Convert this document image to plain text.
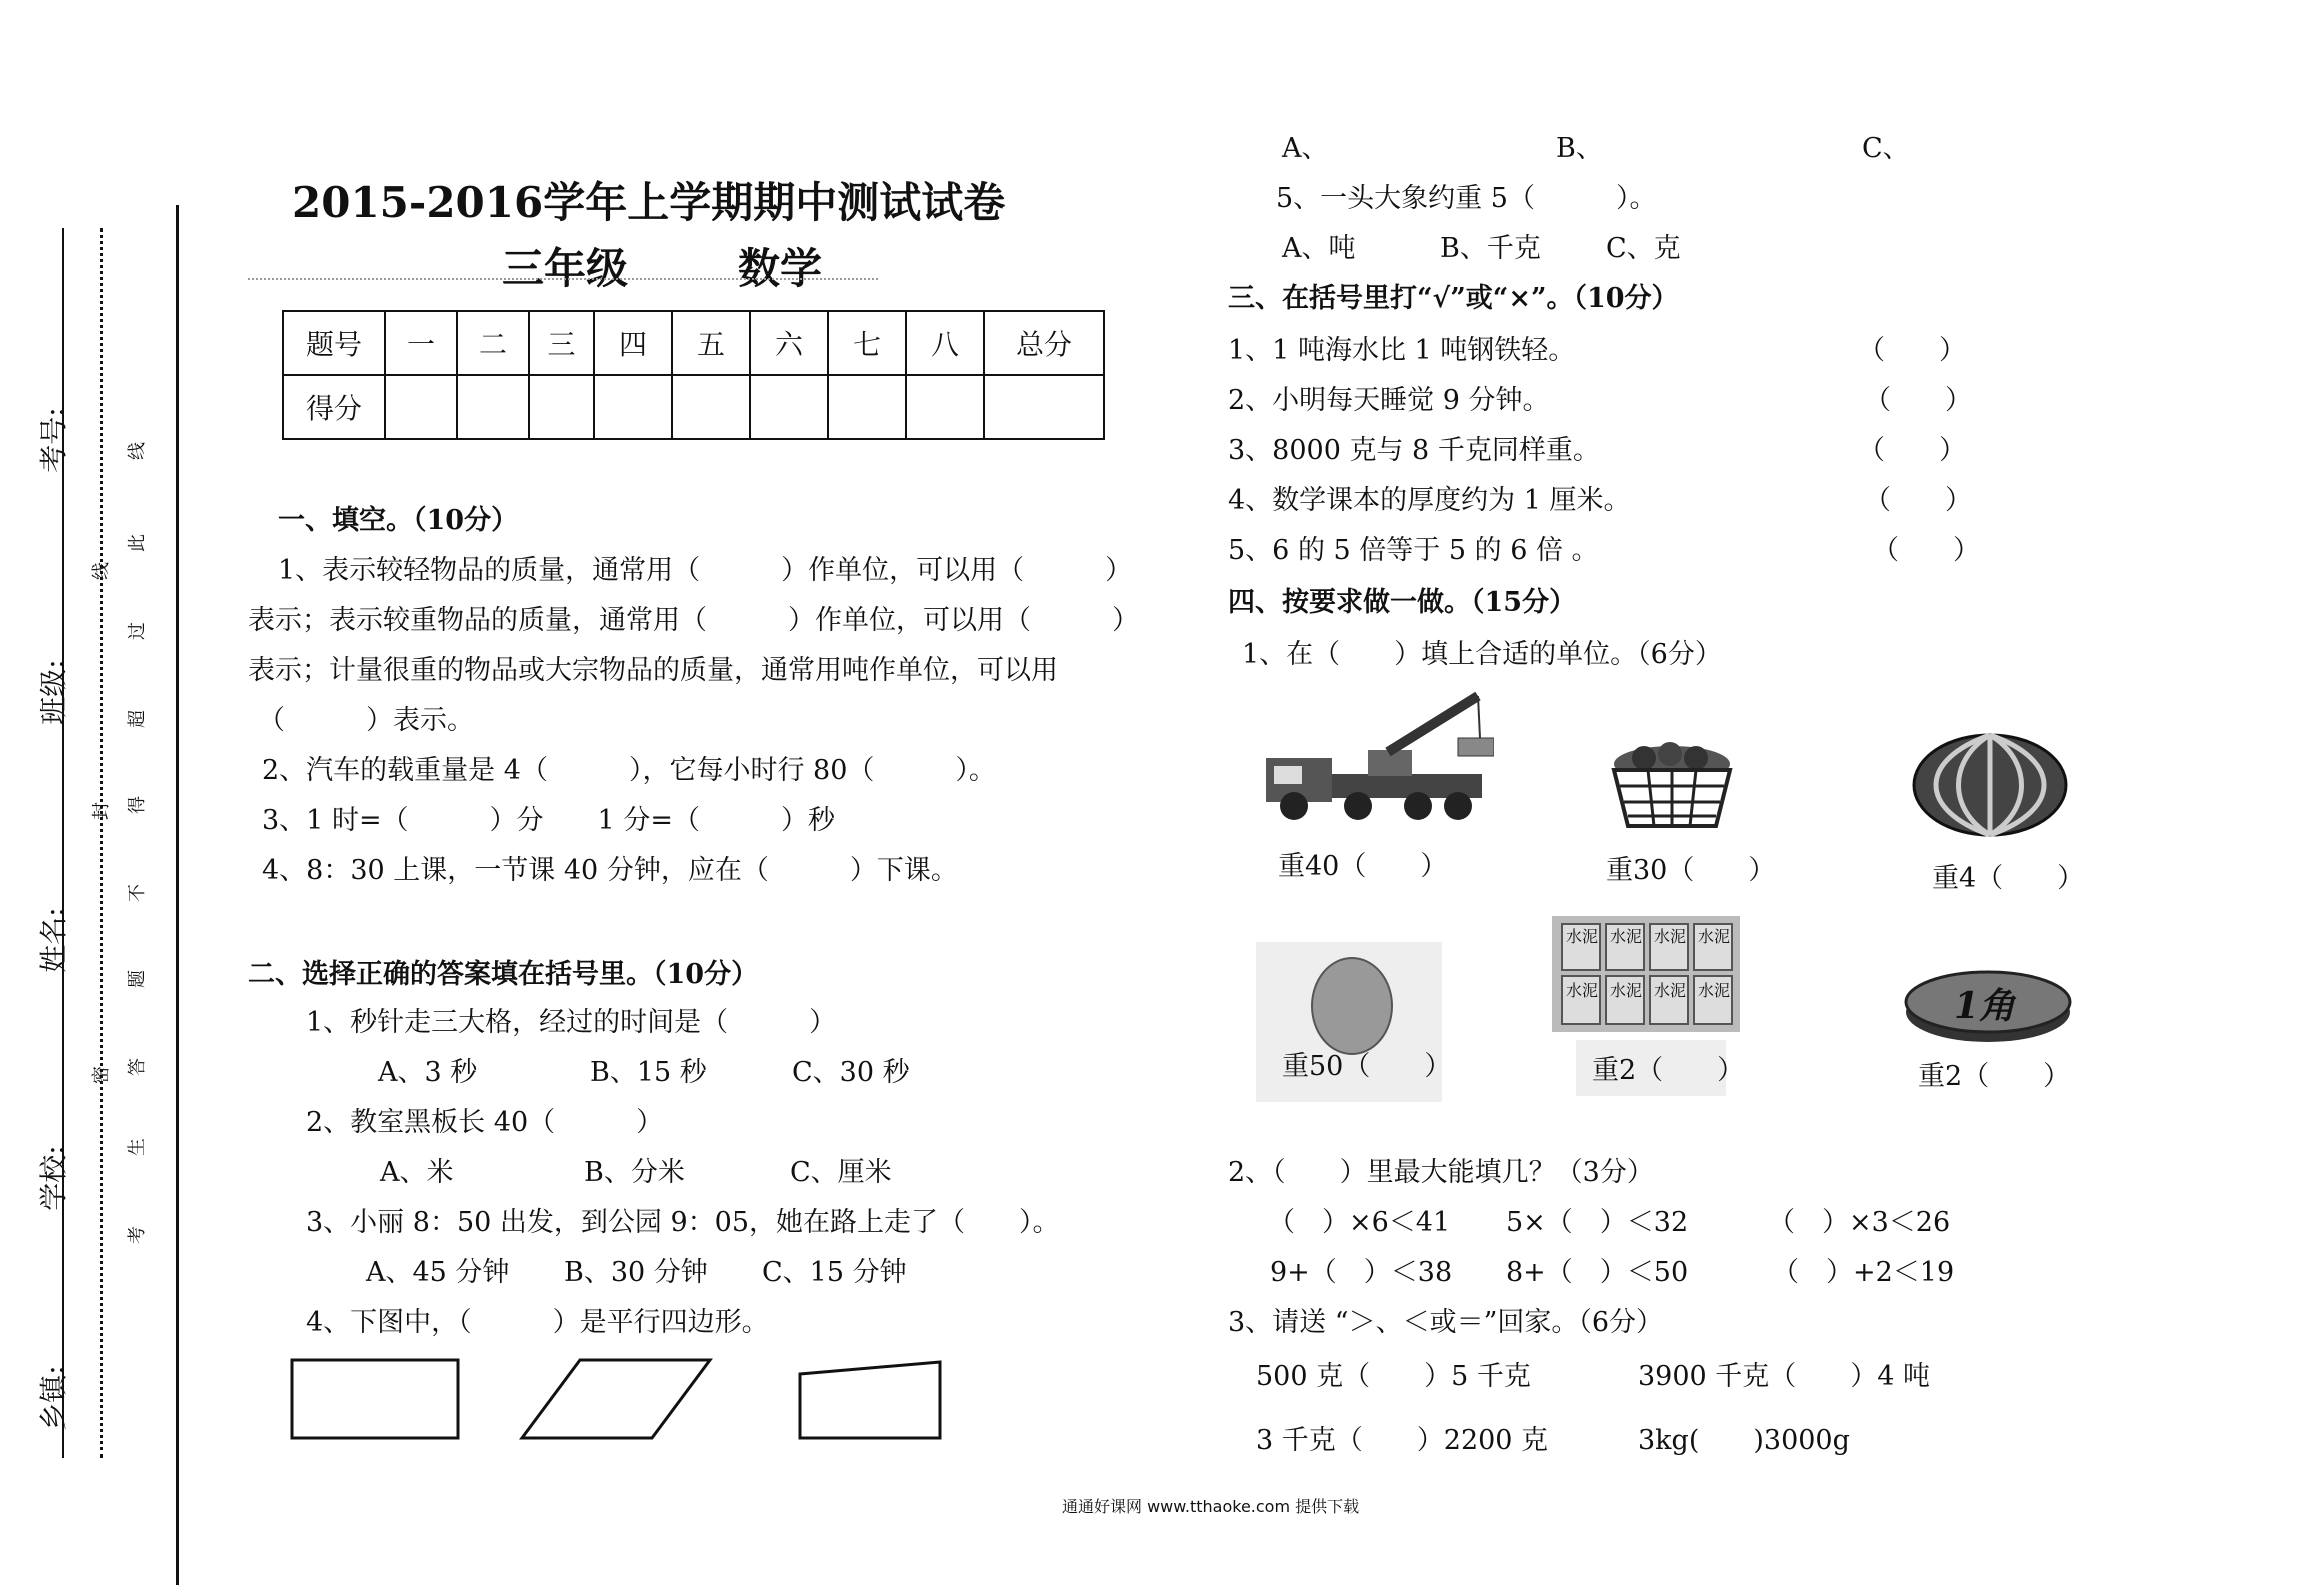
考号:
班级:
姓名:
学校:
乡镇:
密
封
线
考
生
答
题
不
得
超
过
此
线
2015-2016学年上学期期中测试试卷
三年级	数学
题号	一	二	三	四	五	六	七	八	总分
得分									
一、填空。（10分）
1、表示较轻物品的质量，通常用（　　　）作单位，可以用（　　　）
表示；表示较重物品的质量，通常用（　　　）作单位，可以用（　　　）
表示；计量很重的物品或大宗物品的质量，通常用吨作单位，可以用
（　　　）表示。
2、汽车的载重量是 4（　　　），它每小时行 80（　　　）。
3、1 时=（　　　）分　　1 分=（　　　）秒
4、8：30 上课，一节课 40 分钟，应在（　　　）下课。
二、选择正确的答案填在括号里。（10分）
1、秒针走三大格，经过的时间是（　　　）
A、3 秒	B、15 秒	C、30 秒
2、教室黑板长 40（　　　）
A、米	B、分米	C、厘米
3、小丽 8：50 出发，到公园 9：05，她在路上走了（　　）。
A、45 分钟 B、30 分钟 C、15 分钟
4、下图中，（　　　）是平行四边形。
A、	B、	C、
5、一头大象约重 5（　　　）。
A、吨	B、千克 C、克
三、在括号里打“√”或“×”。（10分）
1、1 吨海水比 1 吨钢铁轻。	（　　）
2、小明每天睡觉 9 分钟。	（　　）
3、8000 克与 8 千克同样重。	（　　）
4、数学课本的厚度约为 1 厘米。	（　　）
5、6 的 5 倍等于 5 的 6 倍 。	（　　）
四、按要求做一做。（15分）
1、在（　　）填上合适的单位。（6分）
重40（　　）	重30（　　）	重4（　　）
重50（　　）
水泥 水泥 水泥 水泥
水泥 水泥 水泥 水泥
重2（　　）
1角
重2（　　）
2、（　　）里最大能填几？（3分）
（　）×6＜41 5×（　）＜32	（　）×3＜26
9+（　）＜38 8+（　）＜50	（　）+2＜19
3、请送 “＞、＜或＝”回家。（6分）
500 克（　　）5 千克	3900 千克（　　）4 吨
3 千克（　　）2200 克	3kg(　　)3000g
通通好课网 www.tthaoke.com 提供下载
